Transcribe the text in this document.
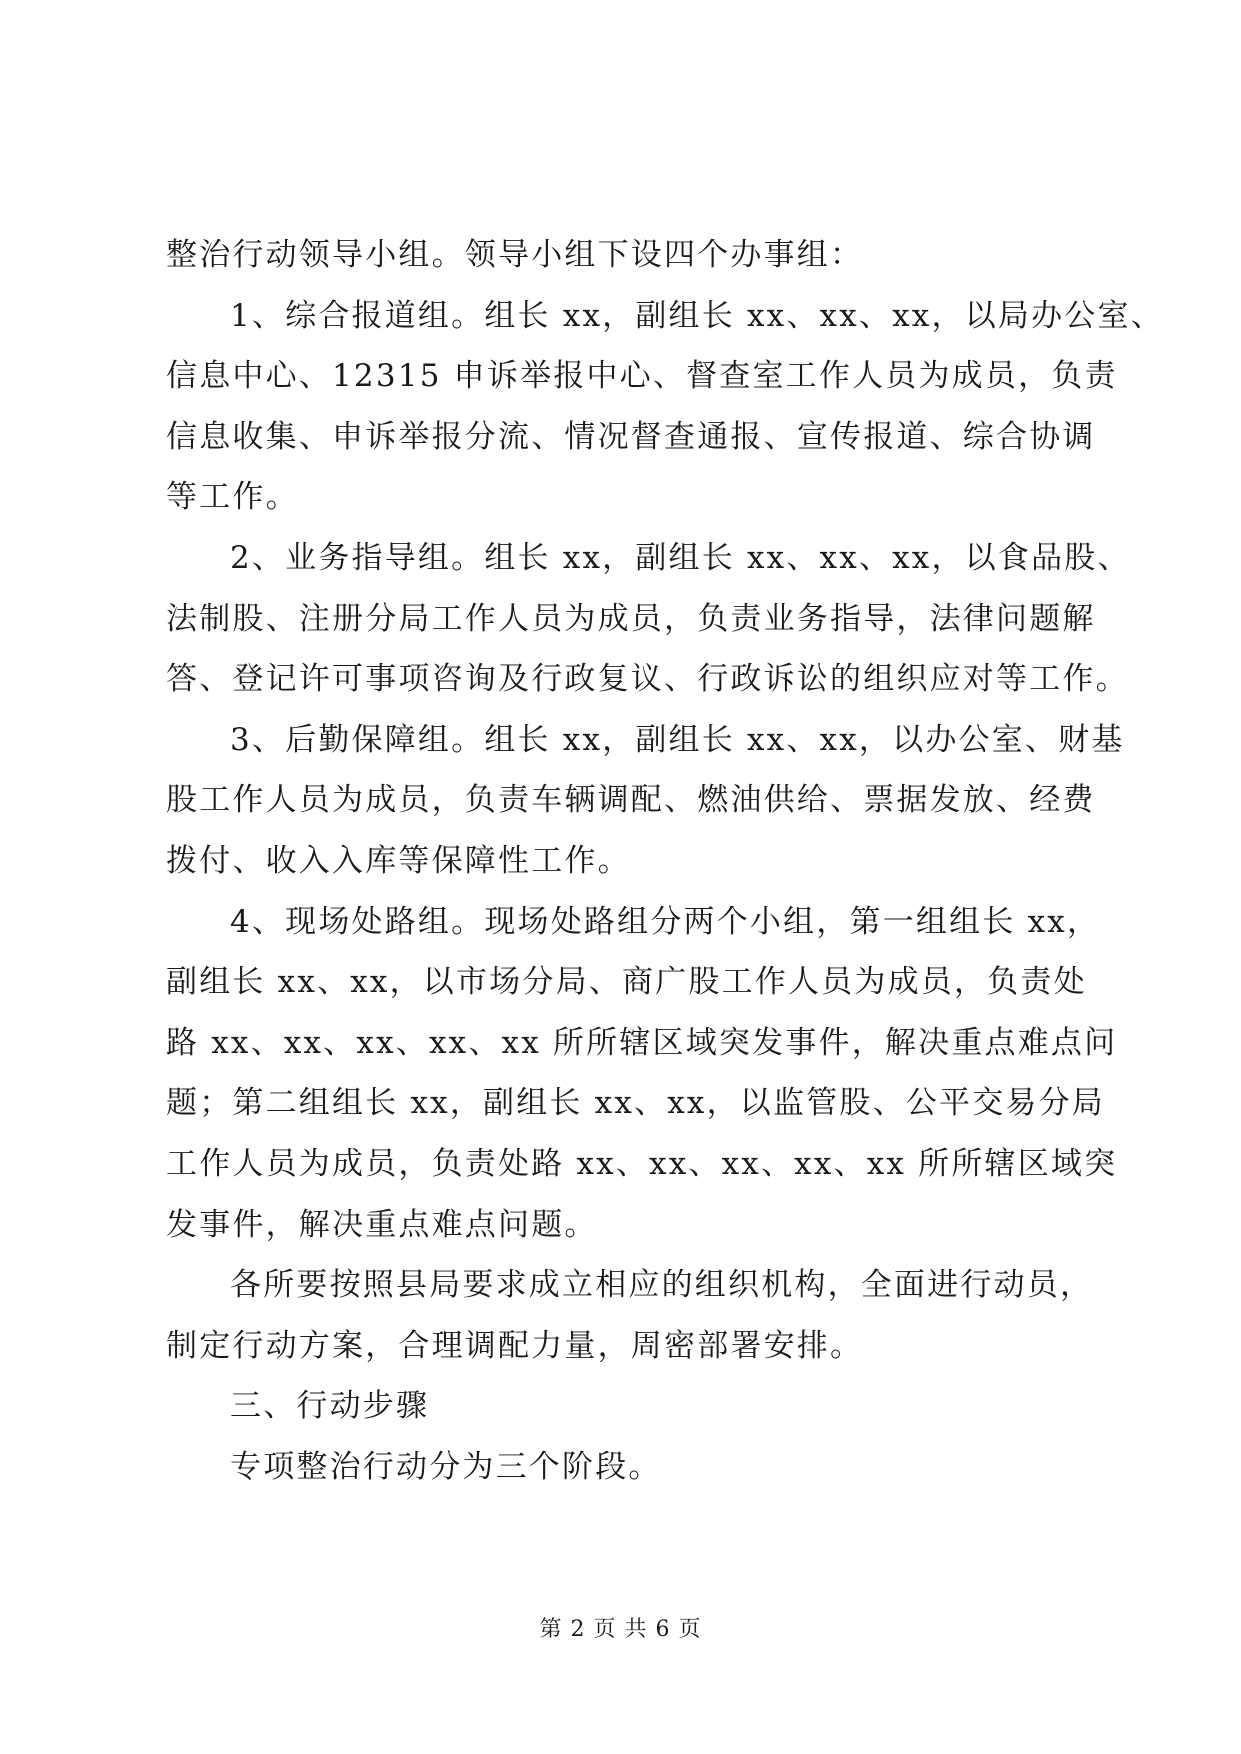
整治行动领导小组。领导小组下设四个办事组：
1、综合报道组。组长 xx，副组长 xx、xx、xx，以局办公室、
信息中心、12315 申诉举报中心、督查室工作人员为成员，负责
信息收集、申诉举报分流、情况督查通报、宣传报道、综合协调
等工作。
2、业务指导组。组长 xx，副组长 xx、xx、xx，以食品股、
法制股、注册分局工作人员为成员，负责业务指导，法律问题解
答、登记许可事项咨询及行政复议、行政诉讼的组织应对等工作。
3、后勤保障组。组长 xx，副组长 xx、xx，以办公室、财基
股工作人员为成员，负责车辆调配、燃油供给、票据发放、经费
拨付、收入入库等保障性工作。
4、现场处路组。现场处路组分两个小组，第一组组长 xx，
副组长 xx、xx，以市场分局、商广股工作人员为成员，负责处
路 xx、xx、xx、xx、xx 所所辖区域突发事件，解决重点难点问
题；第二组组长 xx，副组长 xx、xx，以监管股、公平交易分局
工作人员为成员，负责处路 xx、xx、xx、xx、xx 所所辖区域突
发事件，解决重点难点问题。
各所要按照县局要求成立相应的组织机构，全面进行动员，
制定行动方案，合理调配力量，周密部署安排。
三、行动步骤
专项整治行动分为三个阶段。
第 2 页 共 6 页
